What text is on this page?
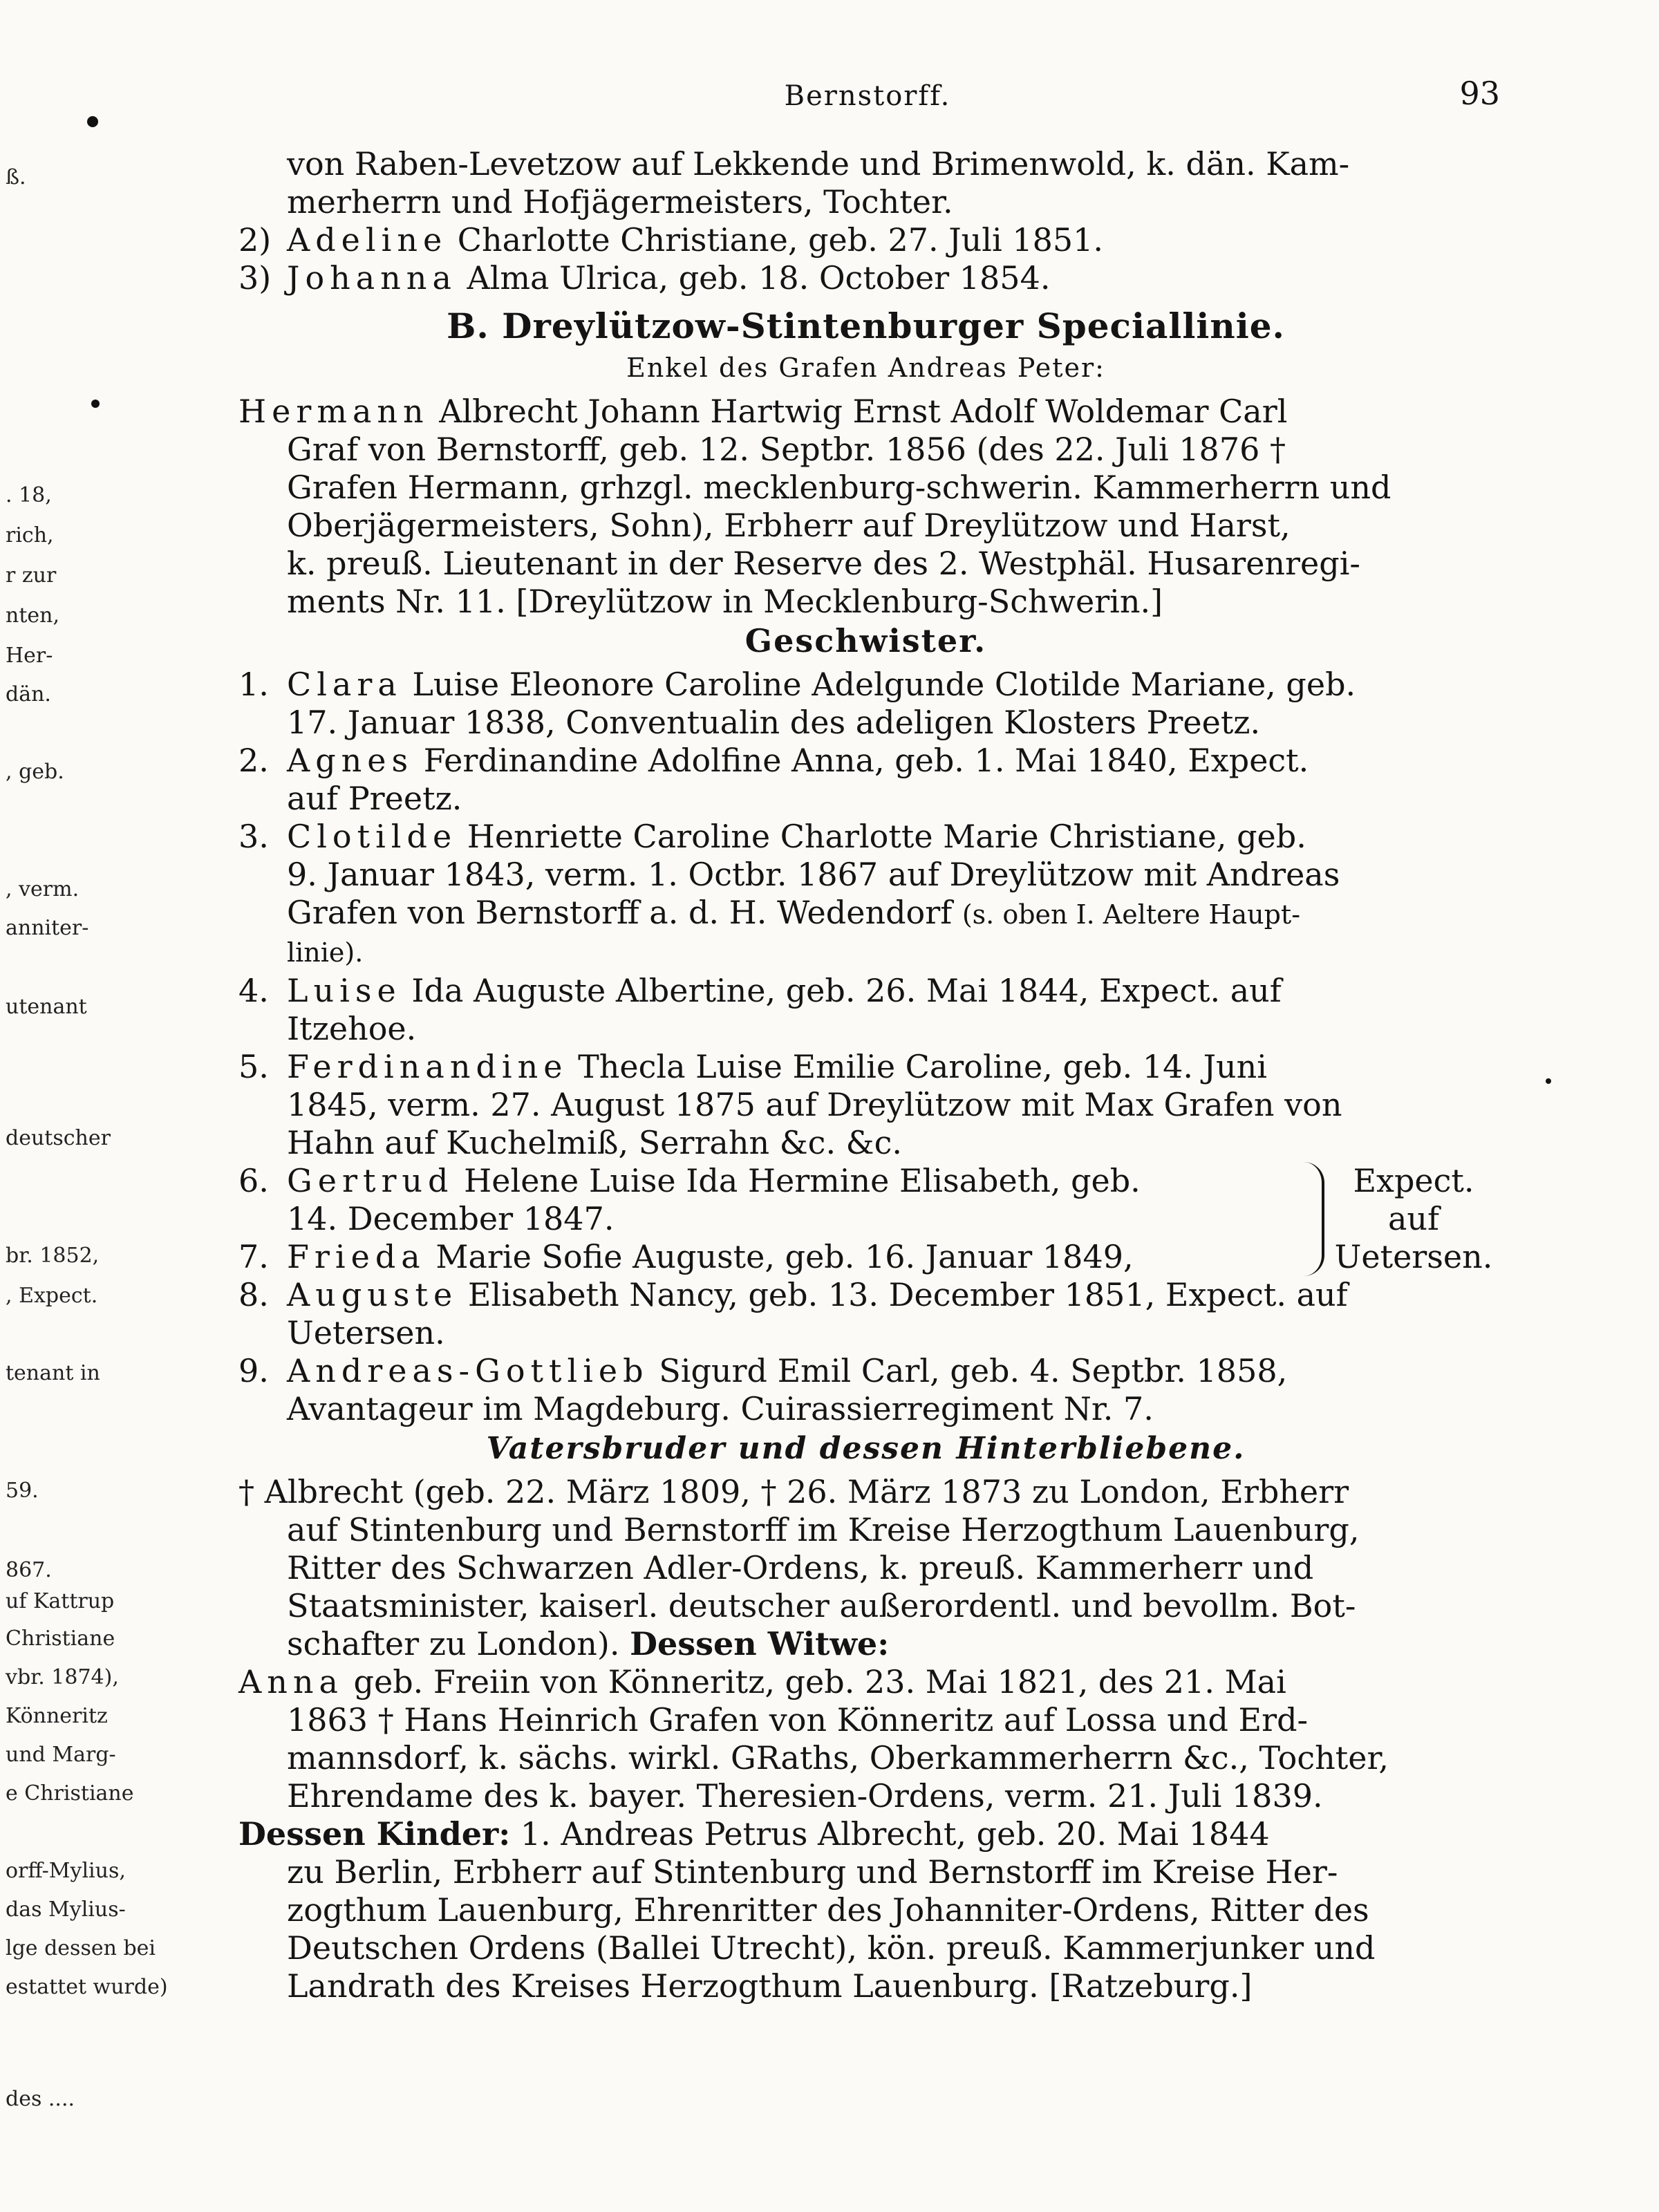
ß.
. 18,
rich,
r zur
nten,
Her-
dän.
, geb.
, verm.
anniter-
utenant
deutscher
br. 1852,
, Expect.
tenant in
59.
867.
uf Kattrup
Christiane
vbr. 1874),
Könneritz
und Marg-
e Christiane
orff-Mylius,
das Mylius-
lge dessen bei
estattet wurde)
des ....
Bernstorff.	93
von Raben-Levetzow auf Lekkende und Brimenwold, k. dän. Kam-
merherrn und Hofjägermeisters, Tochter.
2) Adeline Charlotte Christiane, geb. 27. Juli 1851.
3) Johanna Alma Ulrica, geb. 18. October 1854.
B. Dreylützow-Stintenburger Speciallinie.
Enkel des Grafen Andreas Peter:
Hermann Albrecht Johann Hartwig Ernst Adolf Woldemar Carl
Graf von Bernstorff, geb. 12. Septbr. 1856 (des 22. Juli 1876 †
Grafen Hermann, grhzgl. mecklenburg-schwerin. Kammerherrn und
Oberjägermeisters, Sohn), Erbherr auf Dreylützow und Harst,
k. preuß. Lieutenant in der Reserve des 2. Westphäl. Husarenregi-
ments Nr. 11. [Dreylützow in Mecklenburg-Schwerin.]
Geschwister.
1. Clara Luise Eleonore Caroline Adelgunde Clotilde Mariane, geb.
17. Januar 1838, Conventualin des adeligen Klosters Preetz.
2. Agnes Ferdinandine Adolfine Anna, geb. 1. Mai 1840, Expect.
auf Preetz.
3. Clotilde Henriette Caroline Charlotte Marie Christiane, geb.
9. Januar 1843, verm. 1. Octbr. 1867 auf Dreylützow mit Andreas
Grafen von Bernstorff a. d. H. Wedendorf (s. oben I. Aeltere Haupt-
linie).
4. Luise Ida Auguste Albertine, geb. 26. Mai 1844, Expect. auf
Itzehoe.
5. Ferdinandine Thecla Luise Emilie Caroline, geb. 14. Juni
1845, verm. 27. August 1875 auf Dreylützow mit Max Grafen von
Hahn auf Kuchelmiß, Serrahn &c. &c.
6. Gertrud Helene Luise Ida Hermine Elisabeth, geb.
14. December 1847.
7. Frieda Marie Sofie Auguste, geb. 16. Januar 1849,
Expect.
auf
Uetersen.
8. Auguste Elisabeth Nancy, geb. 13. December 1851, Expect. auf
Uetersen.
9. Andreas-Gottlieb Sigurd Emil Carl, geb. 4. Septbr. 1858,
Avantageur im Magdeburg. Cuirassierregiment Nr. 7.
Vatersbruder und dessen Hinterbliebene.
† Albrecht (geb. 22. März 1809, † 26. März 1873 zu London, Erbherr
auf Stintenburg und Bernstorff im Kreise Herzogthum Lauenburg,
Ritter des Schwarzen Adler-Ordens, k. preuß. Kammerherr und
Staatsminister, kaiserl. deutscher außerordentl. und bevollm. Bot-
schafter zu London). Dessen Witwe:
Anna geb. Freiin von Könneritz, geb. 23. Mai 1821, des 21. Mai
1863 † Hans Heinrich Grafen von Könneritz auf Lossa und Erd-
mannsdorf, k. sächs. wirkl. GRaths, Oberkammerherrn &c., Tochter,
Ehrendame des k. bayer. Theresien-Ordens, verm. 21. Juli 1839.
Dessen Kinder: 1. Andreas Petrus Albrecht, geb. 20. Mai 1844
zu Berlin, Erbherr auf Stintenburg und Bernstorff im Kreise Her-
zogthum Lauenburg, Ehrenritter des Johanniter-Ordens, Ritter des
Deutschen Ordens (Ballei Utrecht), kön. preuß. Kammerjunker und
Landrath des Kreises Herzogthum Lauenburg. [Ratzeburg.]
